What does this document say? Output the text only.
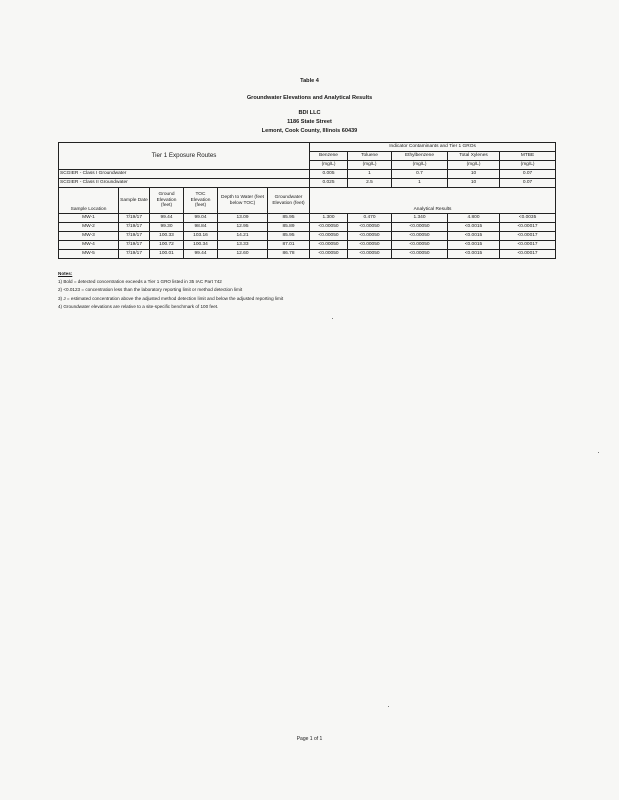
Table 4
Groundwater Elevations and Analytical Results
BDI LLC
1186 State Street
Lemont, Cook County, Illinois 60439
Tier 1 Exposure Routes						Indicator Contaminants and Tier 1 GROs				
						Benzene	Toluene	Ethylbenzene	Total Xylenes	MTBE
						(mg/L)	(mg/L)	(mg/L)	(mg/L)	(mg/L)
SCGIER - Class I Groundwater						0.005	1	0.7	10	0.07
SCGIER - Class II Groundwater						0.025	2.5	1	10	0.07
Sample Location	Sample Date	Ground Elevation (feet)	TOC Elevation (feet)	Depth to Water (feet below TOC)	Groundwater Elevation (feet)	Analytical Results				
MW-1	7/19/17	99.44	99.04	13.09	85.95	1.300	0.470	1.340	4.800	<0.0035
MW-2	7/19/17	99.30	98.84	12.95	85.89	<0.00050	<0.00050	<0.00050	<0.0015	<0.00017
MW-3	7/19/17	100.33	103.16	14.21	85.95	<0.00050	<0.00050	<0.00050	<0.0015	<0.00017
MW-4	7/19/17	100.72	100.34	13.33	87.01	<0.00050	<0.00050	<0.00050	<0.0015	<0.00017
MW-5	7/19/17	100.01	99.44	12.60	86.78	<0.00050	<0.00050	<0.00050	<0.0015	<0.00017
Notes:
1) Bold = detected concentration exceeds a Tier 1 GRO listed in 35 IAC Part 742
2) <0.0123 = concentration less than the laboratory reporting limit or method detection limit
3) J = estimated concentration above the adjusted method detection limit and below the adjusted reporting limit
4) Groundwater elevations are relative to a site-specific benchmark of 100 feet.
Page 1 of 1
